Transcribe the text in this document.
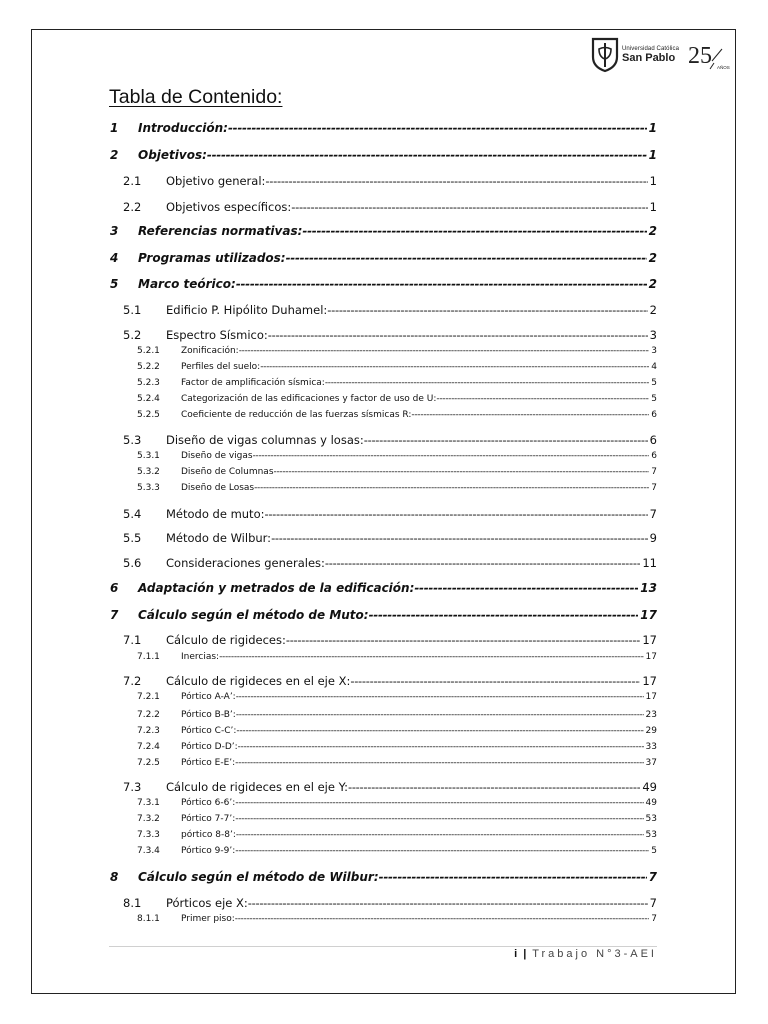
Universidad Católica
San Pablo 25 AÑOS
Tabla de Contenido:
1	Introducción: -----	1
2	Objetivos: -----	1
2.1	Objetivo general: -----	1
2.2	Objetivos específicos: -----	1
3	Referencias normativas: -----	2
4	Programas utilizados: -----	2
5	Marco teórico: -----	2
5.1	Edificio P. Hipólito Duhamel: -----	2
5.2	Espectro Sísmico: -----	3
5.2.1	Zonificación: -----	3
5.2.2	Perfiles del suelo: -----	4
5.2.3	Factor de amplificación sísmica: -----	5
5.2.4	Categorización de las edificaciones y factor de uso de U: -----	5
5.2.5	Coeficiente de reducción de las fuerzas sísmicas R: -----	6
5.3	Diseño de vigas columnas y losas: -----	6
5.3.1	Diseño de vigas -----	6
5.3.2	Diseño de Columnas -----	7
5.3.3	Diseño de Losas -----	7
5.4	Método de muto: -----	7
5.5	Método de Wilbur: -----	9
5.6	Consideraciones generales: -----	11
6	Adaptación y metrados de la edificación: -----	13
7	Cálculo según el método de Muto: -----	17
7.1	Cálculo de rigideces: -----	17
7.1.1	Inercias: -----	17
7.2	Cálculo de rigideces en el eje X: -----	17
7.2.1	Pórtico A-A’: -----	17
7.2.2	Pórtico B-B’: -----	23
7.2.3	Pórtico C-C’: -----	29
7.2.4	Pórtico D-D’: -----	33
7.2.5	Pórtico E-E’: -----	37
7.3	Cálculo de rigideces en el eje Y: -----	49
7.3.1	Pórtico 6-6’: -----	49
7.3.2	Pórtico 7-7’: -----	53
7.3.3	pórtico 8-8’: -----	53
7.3.4	Pórtico 9-9’: -----	5
8	Cálculo según el método de Wilbur: -----	7
8.1	Pórticos eje X: -----	7
8.1.1	Primer piso: -----	7
i | Trabajo N°3-AEI
